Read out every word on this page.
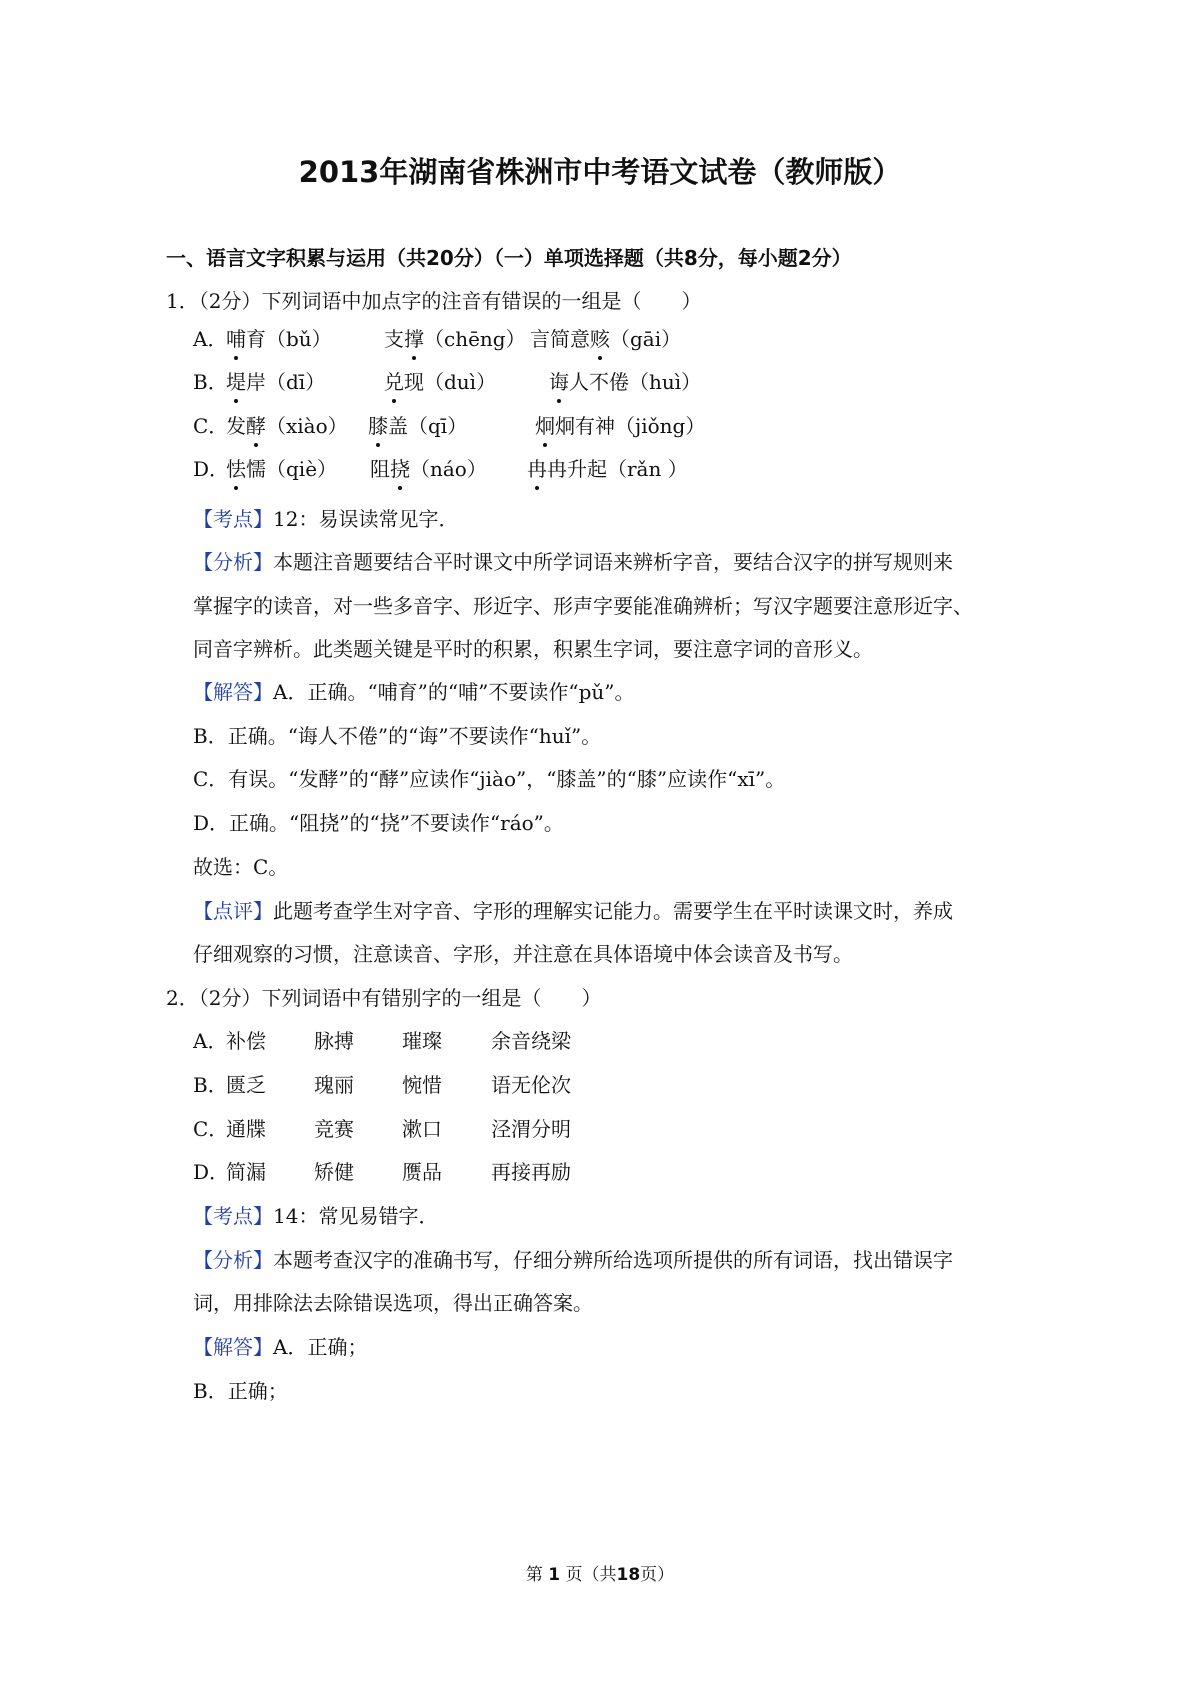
2013年湖南省株洲市中考语文试卷（教师版）
一、语言文字积累与运用（共20分）（一）单项选择题（共8分，每小题2分）
1．（2分）下列词语中加点字的注音有错误的一组是（　　）
A．
哺育（bǔ）	支撑（chēng） 言简意赅（gāi）
B．
堤岸（dī）	兑现（duì）	诲人不倦（huì）
C．
发酵（xiào） 膝盖（qī）	炯炯有神（jiǒng）
D．
怯懦（qiè） 阻挠（náo） 冉冉升起（rǎn ）
【考点】12：易误读常见字．
【分析】本题注音题要结合平时课文中所学词语来辨析字音，要结合汉字的拼写规则来
掌握字的读音，对一些多音字、形近字、形声字要能准确辨析；写汉字题要注意形近字、
同音字辨析。此类题关键是平时的积累，积累生字词，要注意字词的音形义。
【解答】A．正确。“哺育”的“哺”不要读作“pǔ”。
B．正确。“诲人不倦”的“诲”不要读作“huǐ”。
C．有误。“发酵”的“酵”应读作“jiào”，“膝盖”的“膝”应读作“xī”。
D．正确。“阻挠”的“挠”不要读作“ráo”。
故选：C。
【点评】此题考查学生对字音、字形的理解实记能力。需要学生在平时读课文时，养成
仔细观察的习惯，注意读音、字形，并注意在具体语境中体会读音及书写。
2．（2分）下列词语中有错别字的一组是（　　）
A．
补偿 脉搏 璀璨 余音绕梁
B．
匮乏 瑰丽 惋惜 语无伦次
C．
通牒 竞赛 漱口 泾渭分明
D．
简漏 矫健 赝品 再接再励
【考点】14：常见易错字．
【分析】本题考查汉字的准确书写，仔细分辨所给选项所提供的所有词语，找出错误字
词，用排除法去除错误选项，得出正确答案。
【解答】A．正确；
B．正确；
第 1 页（共18页）
